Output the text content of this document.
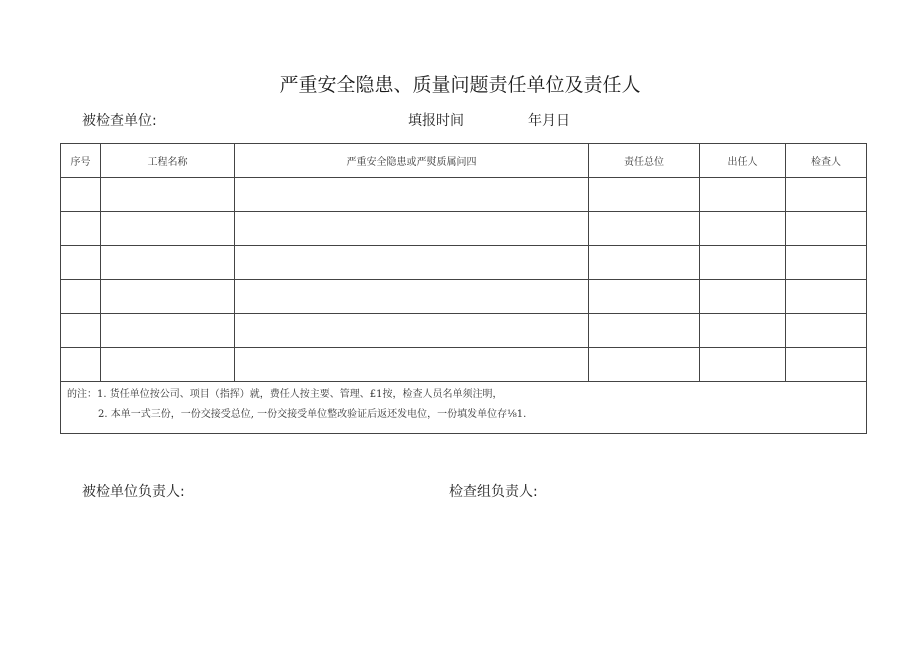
严重安全隐患、质量问题责任单位及责任人
被检查单位:	填报时间	年月日
序号	工程名称	严重安全隐患或严熨质属问四	责任总位	出任人	检查人

的注：1. 货任单位按公司、项目（指挥）就，费任人按主要、管理、£1按，检查人员名单须注明，
2. 本单一式三份，一份交接受总位, 一份交接受单位整改验证后返还发电位，一份填发单位存⅛1.					
被检单位负责人:	检查组负责人:
